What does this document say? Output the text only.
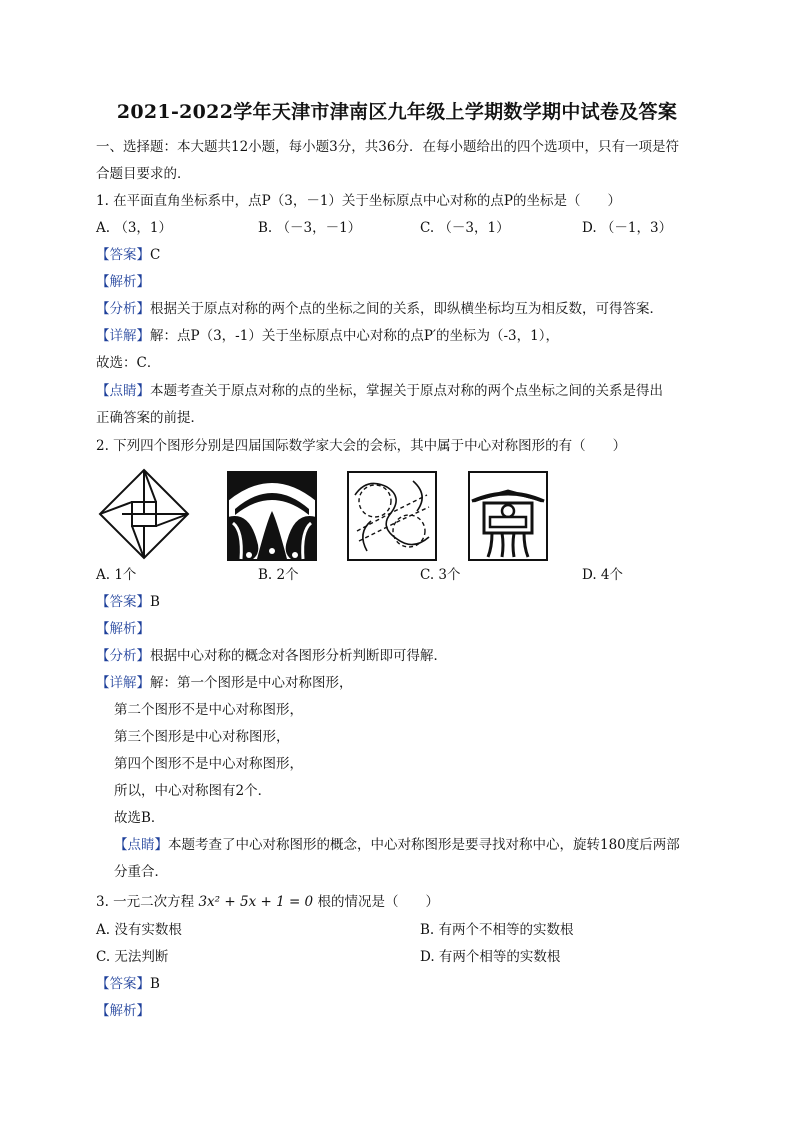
2021-2022学年天津市津南区九年级上学期数学期中试卷及答案
一、选择题：本大题共12小题，每小题3分，共36分．在每小题给出的四个选项中，只有一项是符
合题目要求的．
1. 在平面直角坐标系中，点P（3，－1）关于坐标原点中心对称的点P的坐标是（　　）
A. （3，1）	B. （－3，－1）	C. （－3，1）	D. （－1，3）
【答案】C
【解析】
【分析】根据关于原点对称的两个点的坐标之间的关系，即纵横坐标均互为相反数，可得答案．
【详解】解：点P（3，-1）关于坐标原点中心对称的点P′的坐标为（-3，1），
故选：C．
【点睛】本题考查关于原点对称的点的坐标，掌握关于原点对称的两个点坐标之间的关系是得出
正确答案的前提．
2. 下列四个图形分别是四届国际数学家大会的会标，其中属于中心对称图形的有（　　）
A. 1个	B. 2个	C. 3个	D. 4个
【答案】B
【解析】
【分析】根据中心对称的概念对各图形分析判断即可得解．
【详解】解：第一个图形是中心对称图形，
第二个图形不是中心对称图形，
第三个图形是中心对称图形，
第四个图形不是中心对称图形，
所以，中心对称图有2个．
故选B．
【点睛】本题考查了中心对称图形的概念，中心对称图形是要寻找对称中心，旋转180度后两部
分重合．
3. 一元二次方程 3x² + 5x + 1 = 0 根的情况是（　　）
A. 没有实数根	B. 有两个不相等的实数根
C. 无法判断	D. 有两个相等的实数根
【答案】B
【解析】
